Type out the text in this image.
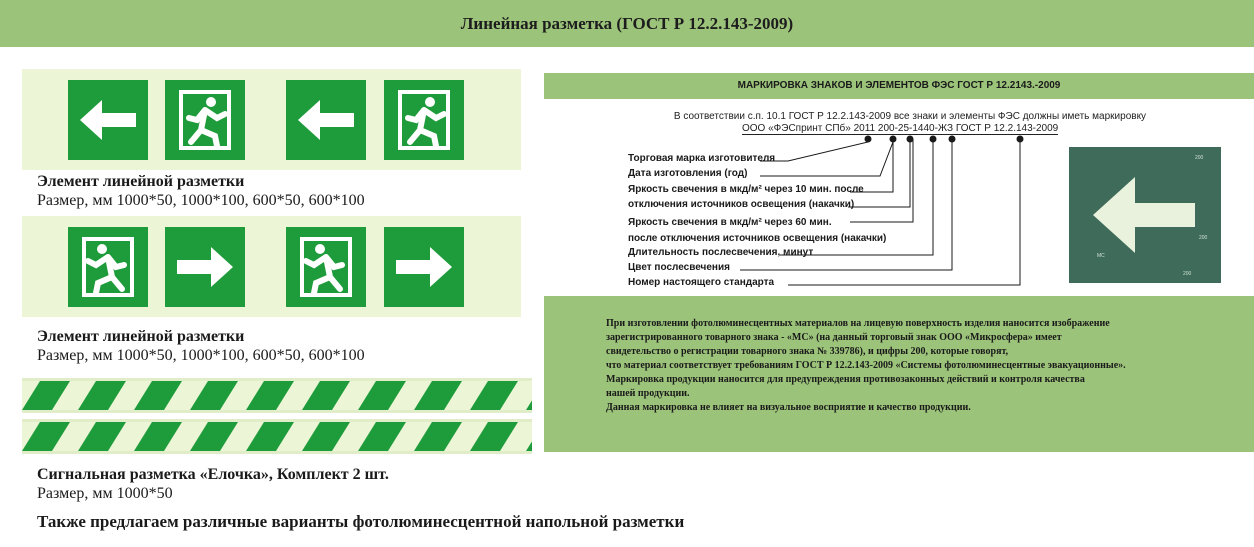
Линейная разметка (ГОСТ Р 12.2.143-2009)
Элемент линейной разметки
Размер, мм 1000*50, 1000*100, 600*50, 600*100
Элемент линейной разметки
Размер, мм 1000*50, 1000*100, 600*50, 600*100
Сигнальная разметка «Елочка», Комплект 2 шт.
Размер, мм 1000*50
Также предлагаем различные варианты фотолюминесцентной напольной разметки
МАРКИРОВКА ЗНАКОВ И ЭЛЕМЕНТОВ ФЭС ГОСТ Р 12.2143.-2009
В соответствии с.п. 10.1 ГОСТ Р 12.2.143-2009 все знаки и элементы ФЭС должны иметь маркировку
ООО «ФЭСпринт СПб» 2011 200-25-1440-ЖЗ ГОСТ Р 12.2.143-2009
Торговая марка изготовителя
Дата изготовления (год)
Яркость свечения в мкд/м² через 10 мин. после
отключения источников освещения (накачки)
Яркость свечения в мкд/м² через 60 мин.
после отключения источников освещения (накачки)
Длительность послесвечения, минут
Цвет послесвечения
Номер настоящего стандарта
200
200
МС
200
При изготовлении фотолюминесцентных материалов на лицевую поверхность изделия наносится изображение
зарегистрированного товарного знака - «МС» (на данный торговый знак ООО «Микросфера» имеет
свидетельство о регистрации товарного знака № 339786), и цифры 200, которые говорят,
что материал соответствует требованиям ГОСТ Р 12.2.143-2009 «Системы фотолюминесцентные эвакуационные».
Маркировка продукции наносится для предупреждения противозаконных действий и контроля качества
нашей продукции.
Данная маркировка не влияет на визуальное восприятие и качество продукции.
